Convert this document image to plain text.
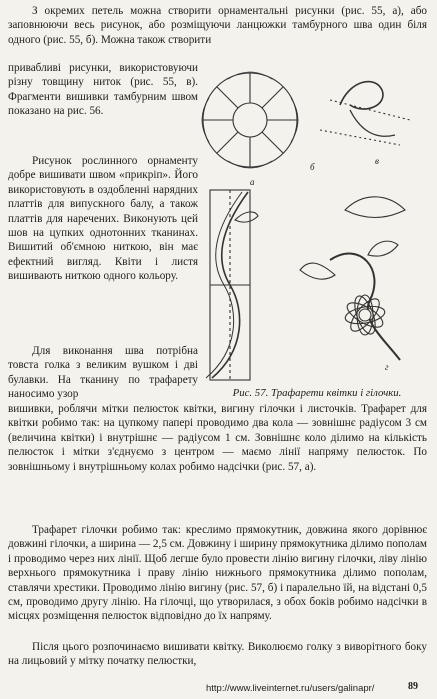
З окремих петель можна створити орнаментальні рисунки (рис. 55, а), або заповнюючи весь рисунок, або розміщуючи ланцюжки тамбурного шва один біля одного (рис. 55, б). Можна також створити

привабливі рисунки, використовуючи різну товщину ниток (рис. 55, в). Фрагменти вишивки тамбурним швом показано на рис. 56.

Рисунок рослинного орнаменту добре вишивати швом «прикріп». Його використовують в оздобленні нарядних платтів для випускного балу, а також платтів для наречених. Виконують цей шов на цупких однотонних тканинах. Вишитий об'ємною ниткою, він має ефектний вигляд. Квіти і листя вишивають ниткою одного кольору.

Для виконання шва потрібна товста голка з великим вушком і дві булавки. На тканину по трафарету наносимо узор

вишивки, роблячи мітки пелюсток квітки, вигину гілочки і листочків. Трафарет для квітки робимо так: на цупкому папері проводимо два кола — зовнішнє радіусом 3 см (величина квітки) і внутрішнє — радіусом 1 см. Зовнішнє коло ділимо на кількість пелюсток і мітки з'єднуємо з центром — маємо лінії напряму пелюсток. По зовнішньому і внутрішньому колах робимо надсічки (рис. 57, а).

Трафарет гілочки робимо так: креслимо прямокутник, довжина якого дорівнює довжині гілочки, а ширина — 2,5 см. Довжину і ширину прямокутника ділимо пополам і проводимо через них лінії. Щоб легше було провести лінію вигину гілочки, ліву лінію верхнього прямокутника і праву лінію нижнього прямокутника ділимо пополам, ставлячи хрестики. Проводимо лінію вигину (рис. 57, б) і паралельно їй, на відстані 0,5 см, проводимо другу лінію. На гілочці, що утворилася, з обох боків робимо надсічки в місцях розміщення пелюсток відповідно до їх напряму.

Після цього розпочинаємо вишивати квітку. Виколюємо голку з виворітного боку на лицьовий у мітку початку пелюстки,

а
б
в
г

Рис. 57. Трафарети квітки і гілочки.

http://www.liveinternet.ru/users/galinapr/	89
